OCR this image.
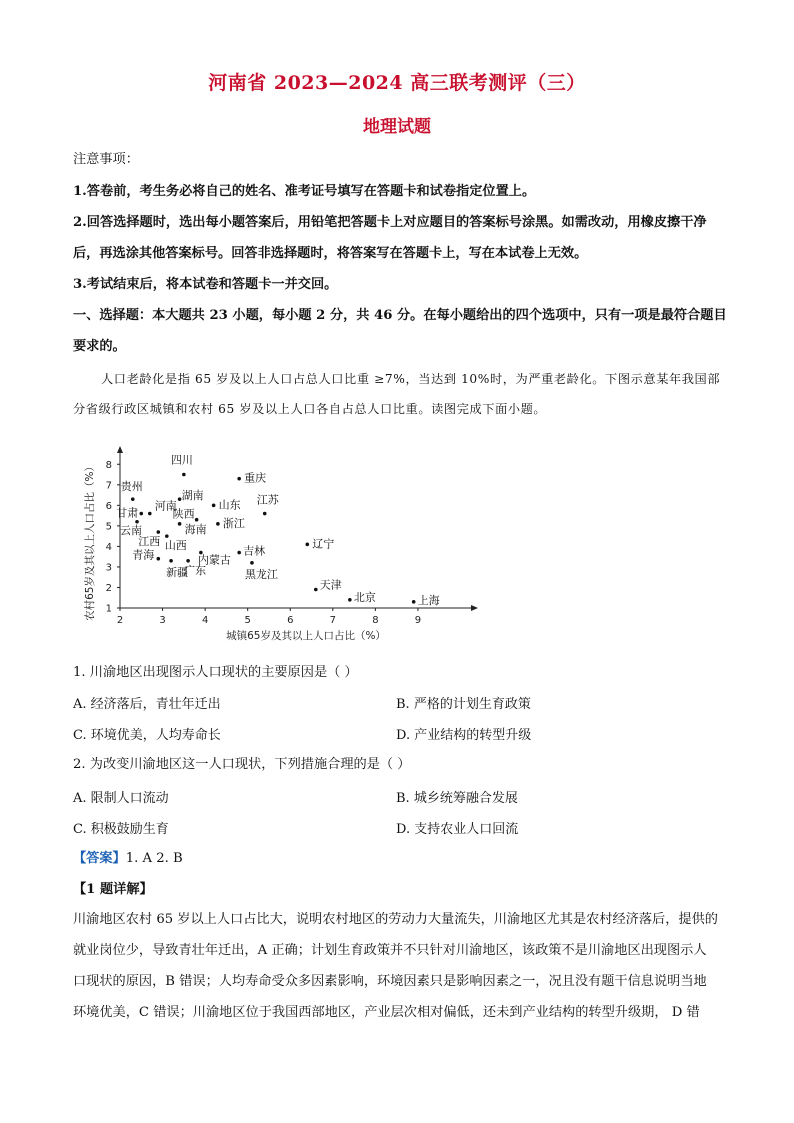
河南省 2023—2024 高三联考测评（三）
地理试题
注意事项：
1.答卷前，考生务必将自己的姓名、准考证号填写在答题卡和试卷指定位置上。
2.回答选择题时，选出每小题答案后，用铅笔把答题卡上对应题目的答案标号涂黑。如需改动，用橡皮擦干净
后，再选涂其他答案标号。回答非选择题时，将答案写在答题卡上，写在本试卷上无效。
3.考试结束后，将本试卷和答题卡一并交回。
一、选择题：本大题共 23 小题，每小题 2 分，共 46 分。在每小题给出的四个选项中，只有一项是最符合题目
要求的。
人口老龄化是指 65 岁及以上人口占总人口比重 ≥7%，当达到 10%时，为严重老龄化。下图示意某年我国部
分省级行政区城镇和农村 65 岁及以上人口各自占总人口比重。读图完成下面小题。
2	3	4	5	6	7	8	9
1
2
3
4
5
6
7
8
城镇65岁及其以上人口占比（%）
农村65岁及其以上人口占比（%）
四川
重庆
贵州
湖南
山东 江苏
甘肃
河南
陕西
浙江
云南	海南
江西 山西	辽宁
青海
新疆
广东
内蒙古
吉林
黑龙江
天津
北京	上海
1. 川渝地区出现图示人口现状的主要原因是（ ）
A. 经济落后，青壮年迁出	B. 严格的计划生育政策
C. 环境优美，人均寿命长	D. 产业结构的转型升级
2. 为改变川渝地区这一人口现状，下列措施合理的是（ ）
A. 限制人口流动	B. 城乡统筹融合发展
C. 积极鼓励生育	D. 支持农业人口回流
【答案】1. A 2. B
【1 题详解】
川渝地区农村 65 岁以上人口占比大，说明农村地区的劳动力大量流失，川渝地区尤其是农村经济落后，提供的
就业岗位少，导致青壮年迁出，A 正确；计划生育政策并不只针对川渝地区，该政策不是川渝地区出现图示人
口现状的原因，B 错误；人均寿命受众多因素影响，环境因素只是影响因素之一，况且没有题干信息说明当地
环境优美，C 错误；川渝地区位于我国西部地区，产业层次相对偏低，还未到产业结构的转型升级期， D 错
